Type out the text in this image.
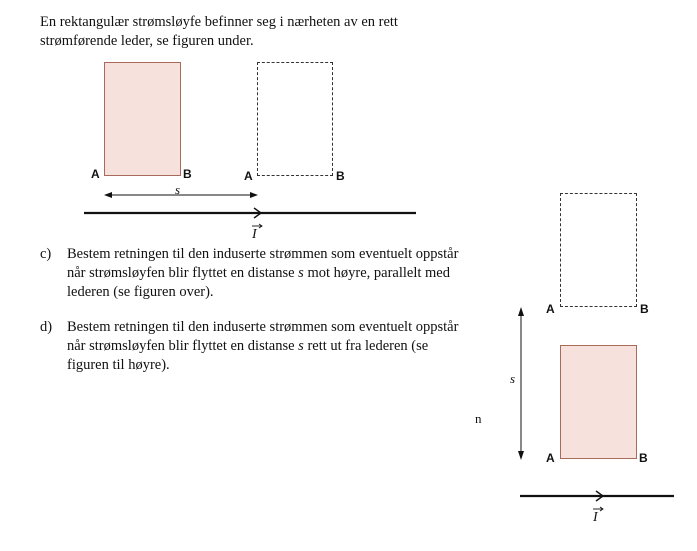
En rektangulær strømsløyfe befinner seg i nærheten av en rett
strømførende leder, se figuren under.
A	B	A	B
s
I
c) Bestem retningen til den induserte strømmen som eventuelt oppstår
når strømsløyfen blir flyttet en distanse s mot høyre, parallelt med
lederen (se figuren over).
d) Bestem retningen til den induserte strømmen som eventuelt oppstår
når strømsløyfen blir flyttet en distanse s rett ut fra lederen (se
figuren til høyre).
n
A	B
A	B
s
I
